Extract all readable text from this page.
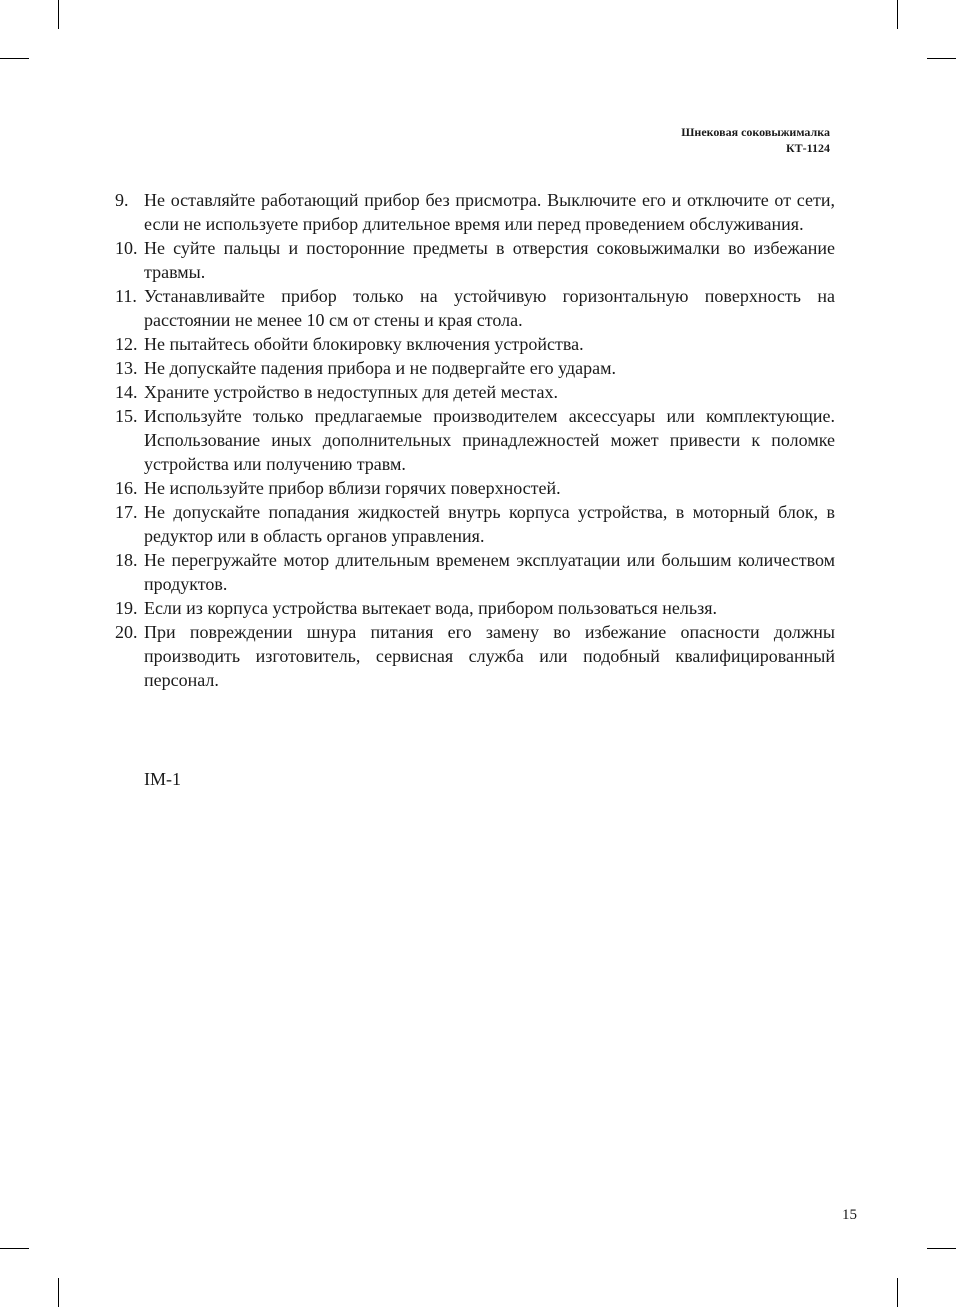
Шнековая соковыжималка
КТ-1124
9. Не оставляйте работающий прибор без присмотра. Выключите его и отключите от сети, если не используете прибор длительное время или перед проведением обслуживания.
10. Не суйте пальцы и посторонние предметы в отверстия соковыжималки во избежание травмы.
11. Устанавливайте прибор только на устойчивую горизонтальную поверхность на расстоянии не менее 10 см от стены и края стола.
12. Не пытайтесь обойти блокировку включения устройства.
13. Не допускайте падения прибора и не подвергайте его ударам.
14. Храните устройство в недоступных для детей местах.
15. Используйте только предлагаемые производителем аксессуары или комплектующие. Использование иных дополнительных принадлежностей может привести к поломке устройства или получению травм.
16. Не используйте прибор вблизи горячих поверхностей.
17. Не допускайте попадания жидкостей внутрь корпуса устройства, в моторный блок, в редуктор или в область органов управления.
18. Не перегружайте мотор длительным временем эксплуатации или большим количеством продуктов.
19. Если из корпуса устройства вытекает вода, прибором пользоваться нельзя.
20. При повреждении шнура питания его замену во избежание опасности должны производить изготовитель, сервисная служба или подобный квалифицированный персонал.
IM-1
15
